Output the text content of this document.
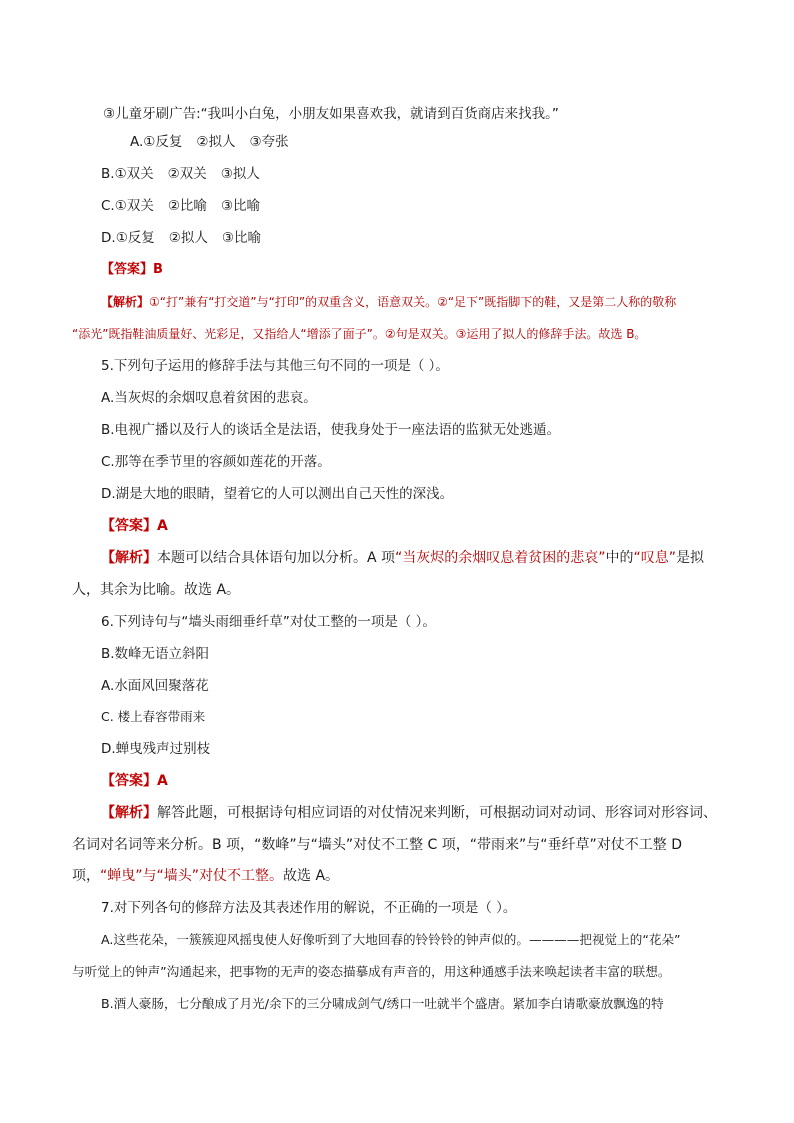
③儿童牙刷广告:“我叫小白兔，小朋友如果喜欢我，就请到百货商店来找我。”
A.①反复 ②拟人 ③夸张
B.①双关 ②双关 ③拟人
C.①双关 ②比喻 ③比喻
D.①反复 ②拟人 ③比喻
【答案】B
【解析】①“打”兼有“打交道”与“打印”的双重含义，语意双关。②“足下”既指脚下的鞋，又是第二人称的敬称
“添光”既指鞋油质量好、光彩足，又指给人“增添了面子”。②句是双关。③运用了拟人的修辞手法。故选 B。
5.下列句子运用的修辞手法与其他三句不同的一项是（ ）。
A.当灰烬的余烟叹息着贫困的悲哀。
B.电视广播以及行人的谈话全是法语，使我身处于一座法语的监狱无处逃遁。
C.那等在季节里的容颜如莲花的开落。
D.湖是大地的眼睛，望着它的人可以测出自己天性的深浅。
【答案】A
【解析】本题可以结合具体语句加以分析。A 项“当灰烬的余烟叹息着贫困的悲哀”中的“叹息”是拟
人，其余为比喻。故选 A。
6.下列诗句与“墙头雨细垂纤草”对仗工整的一项是（ ）。
B.数峰无语立斜阳
A.水面风回聚落花
C. 楼上春容带雨来
D.蝉曳残声过别枝
【答案】A
【解析】解答此题，可根据诗句相应词语的对仗情况来判断，可根据动词对动词、形容词对形容词、
名词对名词等来分析。B 项，“数峰”与“墙头”对仗不工整 C 项，“带雨来”与“垂纤草”对仗不工整 D
项，“蝉曳”与“墙头”对仗不工整。故选 A。
7.对下列各句的修辞方法及其表述作用的解说，不正确的一项是（ ）。
A.这些花朵，一簇簇迎风摇曳使人好像听到了大地回春的铃铃铃的钟声似的。————把视觉上的“花朵”
与听觉上的钟声”沟通起来，把事物的无声的姿态描摹成有声音的，用这种通感手法来唤起读者丰富的联想。
B.酒人豪肠，七分酿成了月光/余下的三分啸成剑气/绣口一吐就半个盛唐。紧加李白请歌豪放飘逸的特
